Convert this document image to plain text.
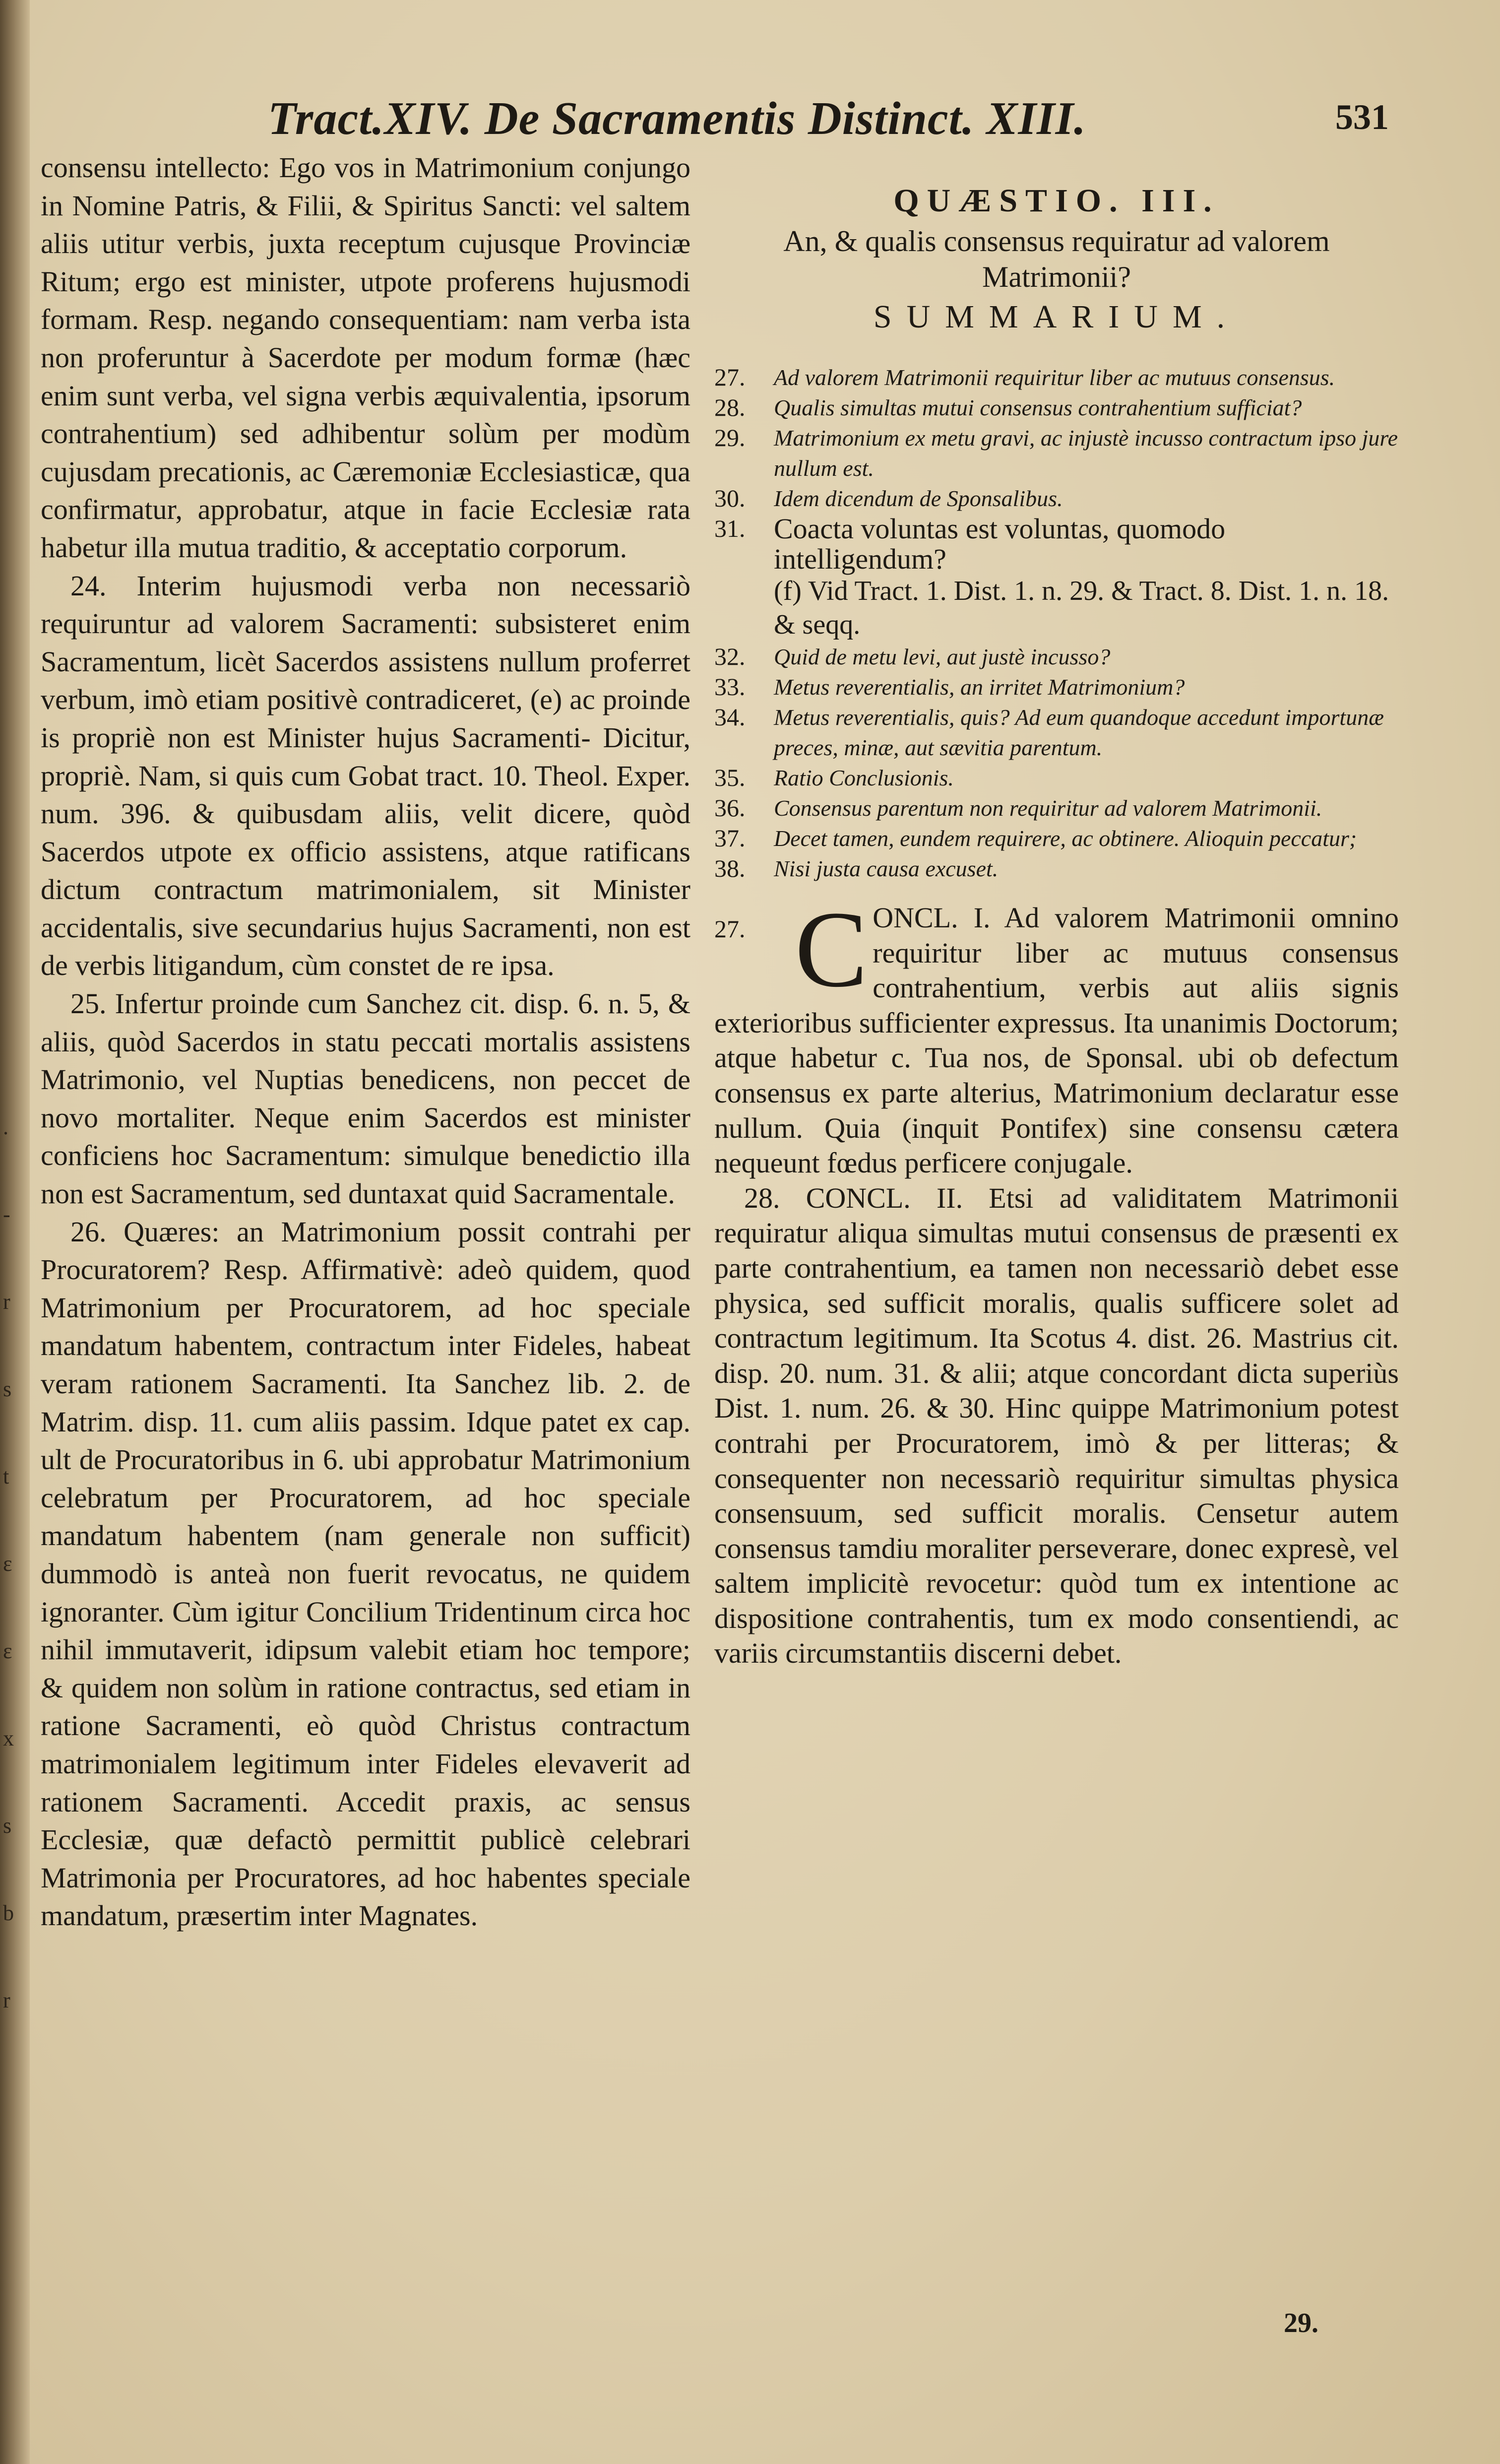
.
-
r
s
t
ε
ε
x
s
b
r
Tract.XIV. De Sacramentis Distinct. XIII.	531

consensu intellecto: Ego vos in Matrimonium conjungo in Nomine Patris, & Filii, & Spiritus Sancti: vel saltem aliis utitur verbis, juxta receptum cujusque Provinciæ Ritum; ergo est minister, utpote proferens hujusmodi formam. Resp. negando consequentiam: nam verba ista non proferuntur à Sacerdote per modum formæ (hæc enim sunt verba, vel signa verbis æquivalentia, ipsorum contrahentium) sed adhibentur solùm per modùm cujusdam precationis, ac Cæremoniæ Ecclesiasticæ, qua confirmatur, approbatur, atque in facie Ecclesiæ rata habetur illa mutua traditio, & acceptatio corporum.

24. Interim hujusmodi verba non necessariò requiruntur ad valorem Sacramenti: subsisteret enim Sacramentum, licèt Sacerdos assistens nullum proferret verbum, imò etiam positivè contradiceret, (e) ac proinde is propriè non est Minister hujus Sacramenti- Dicitur, propriè. Nam, si quis cum Gobat tract. 10. Theol. Exper. num. 396. & quibusdam aliis, velit dicere, quòd Sacerdos utpote ex officio assistens, atque ratificans dictum contractum matrimonialem, sit Minister accidentalis, sive secundarius hujus Sacramenti, non est de verbis litigandum, cùm constet de re ipsa.

25. Infertur proinde cum Sanchez cit. disp. 6. n. 5, & aliis, quòd Sacerdos in statu peccati mortalis assistens Matrimonio, vel Nuptias benedicens, non peccet de novo mortaliter. Neque enim Sacerdos est minister conficiens hoc Sacramentum: simulque benedictio illa non est Sacramentum, sed duntaxat quid Sacramentale.

26. Quæres: an Matrimonium possit contrahi per Procuratorem? Resp. Affirmativè: adeò quidem, quod Matrimonium per Procuratorem, ad hoc speciale mandatum habentem, contractum inter Fideles, habeat veram rationem Sacramenti. Ita Sanchez lib. 2. de Matrim. disp. 11. cum aliis passim. Idque patet ex cap. ult de Procuratoribus in 6. ubi approbatur Matrimonium celebratum per Procuratorem, ad hoc speciale mandatum habentem (nam generale non sufficit) dummodò is anteà non fuerit revocatus, ne quidem ignoranter. Cùm igitur Concilium Tridentinum circa hoc nihil immutaverit, idipsum valebit etiam hoc tempore; & quidem non solùm in ratione contractus, sed etiam in ratione Sacramenti, eò quòd Christus contractum matrimonialem legitimum inter Fideles elevaverit ad rationem Sacramenti. Accedit praxis, ac sensus Ecclesiæ, quæ defactò permittit publicè celebrari Matrimonia per Procuratores, ad hoc habentes speciale mandatum, præsertim inter Magnates.

QUÆSTIO. III.

An, & qualis consensus requiratur ad valorem Matrimonii?

SUMMARIUM.

27.	Ad valorem Matrimonii requiritur liber ac mutuus consensus.
28.	Qualis simultas mutui consensus contrahentium sufficiat?
29.	Matrimonium ex metu gravi, ac injustè incusso contractum ipso jure nullum est.
30.	Idem dicendum de Sponsalibus.
31. Coacta voluntas est voluntas, quomodo intelligendum?

(f) Vid Tract. 1. Dist. 1. n. 29. & Tract. 8. Dist. 1. n. 18. & seqq.

32.	Quid de metu levi, aut justè incusso?
33.	Metus reverentialis, an irritet Matrimonium?
34.	Metus reverentialis, quis? Ad eum quandoque accedunt importunæ preces, minæ, aut sævitia parentum.
35.	Ratio Conclusionis.
36.	Consensus parentum non requiritur ad valorem Matrimonii.
37.	Decet tamen, eundem requirere, ac obtinere. Alioquin peccatur;
38.	Nisi justa causa excuset.
27. C ONCL. I. Ad valorem Matrimonii omnino requiritur liber ac mutuus consensus contrahentium, verbis aut aliis signis exterioribus sufficienter expressus. Ita unanimis Doctorum; atque habetur c. Tua nos, de Sponsal. ubi ob defectum consensus ex parte alterius, Matrimonium declaratur esse nullum. Quia (inquit Pontifex) sine consensu cætera nequeunt fœdus perficere conjugale.

28. CONCL. II. Etsi ad validitatem Matrimonii requiratur aliqua simultas mutui consensus de præsenti ex parte contrahentium, ea tamen non necessariò debet esse physica, sed sufficit moralis, qualis sufficere solet ad contractum legitimum. Ita Scotus 4. dist. 26. Mastrius cit. disp. 20. num. 31. & alii; atque concordant dicta superiùs Dist. 1. num. 26. & 30. Hinc quippe Matrimonium potest contrahi per Procuratorem, imò & per litteras; & consequenter non necessariò requiritur simultas physica consensuum, sed sufficit moralis. Censetur autem consensus tamdiu moraliter perseverare, donec expresè, vel saltem implicitè revocetur: quòd tum ex intentione ac dispositione contrahentis, tum ex modo consentiendi, ac variis circumstantiis discerni debet.

29.
